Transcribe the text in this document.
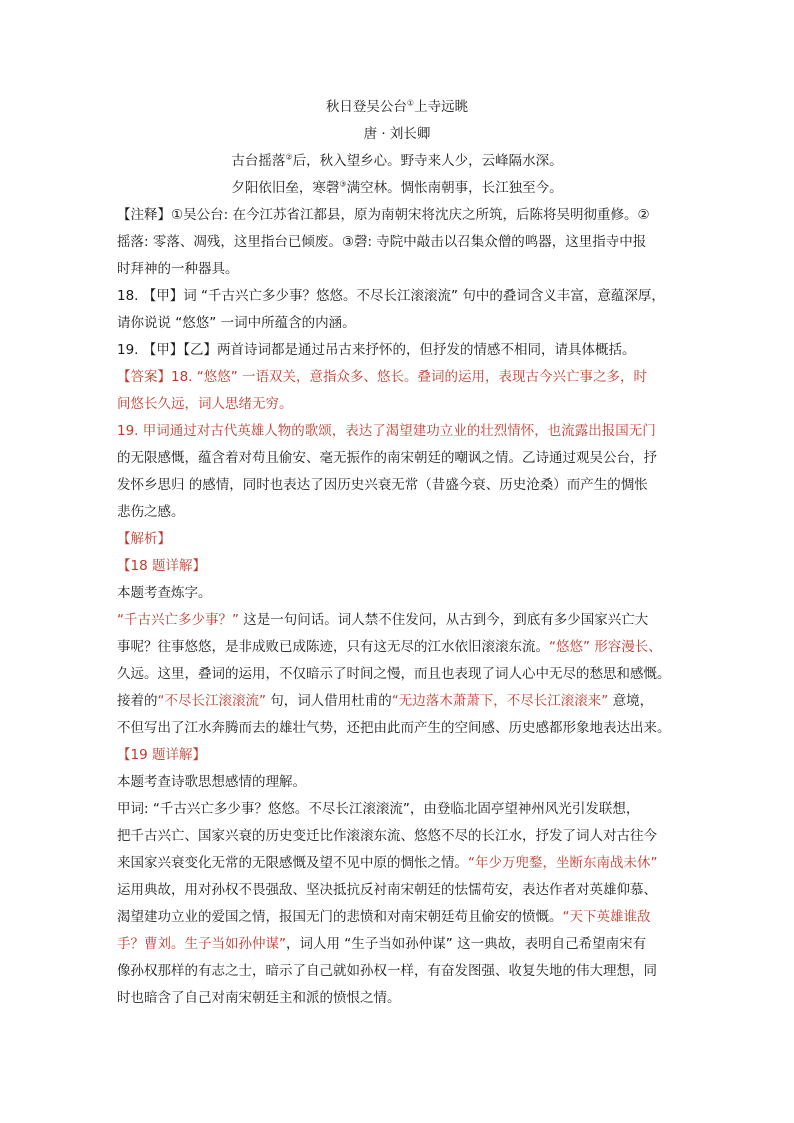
秋日登吴公台①上寺远眺
唐 · 刘长卿
古台摇落②后，秋入望乡心。野寺来人少，云峰隔水深。
夕阳依旧垒，寒磬③满空林。惆怅南朝事，长江独至今。
【注释】①吴公台: 在今江苏省江都县，原为南朝宋将沈庆之所筑，后陈将吴明彻重修。②
摇落: 零落、凋残，这里指台已倾废。③磬: 寺院中敲击以召集众僧的鸣器，这里指寺中报
时拜神的一种器具。
18. 【甲】词 “千古兴亡多少事？悠悠。不尽长江滚滚流” 句中的叠词含义丰富，意蕴深厚，
请你说说 “悠悠” 一词中所蕴含的内涵。
19. 【甲】【乙】两首诗词都是通过吊古来抒怀的，但抒发的情感不相同，请具体概括。
【答案】18. “悠悠” 一语双关，意指众多、悠长。叠词的运用，表现古今兴亡事之多，时
间悠长久远，词人思绪无穷。
19. 甲词通过对古代英雄人物的歌颂，表达了渴望建功立业的壮烈情怀，也流露出报国无门
的无限感慨，蕴含着对苟且偷安、毫无振作的南宋朝廷的嘲讽之情。乙诗通过观吴公台，抒
发怀乡思归 的感情，同时也表达了因历史兴衰无常（昔盛今衰、历史沧桑）而产生的惆怅
悲伤之感。
【解析】
【18 题详解】
本题考查炼字。
“千古兴亡多少事？” 这是一句问话。词人禁不住发问，从古到今，到底有多少国家兴亡大
事呢？往事悠悠，是非成败已成陈迹，只有这无尽的江水依旧滚滚东流。“悠悠” 形容漫长、
久远。这里，叠词的运用，不仅暗示了时间之慢，而且也表现了词人心中无尽的愁思和感慨。
接着的“不尽长江滚滚流” 句，词人借用杜甫的“无边落木萧萧下，不尽长江滚滚来” 意境，
不但写出了江水奔腾而去的雄壮气势，还把由此而产生的空间感、历史感都形象地表达出来。
【19 题详解】
本题考查诗歌思想感情的理解。
甲词: “千古兴亡多少事？悠悠。不尽长江滚滚流”，由登临北固亭望神州风光引发联想，
把千古兴亡、国家兴衰的历史变迁比作滚滚东流、悠悠不尽的长江水，抒发了词人对古往今
来国家兴衰变化无常的无限感慨及望不见中原的惆怅之情。“年少万兜鍪，坐断东南战未休”
运用典故，用对孙权不畏强敌、坚决抵抗反衬南宋朝廷的怯懦苟安，表达作者对英雄仰慕、
渴望建功立业的爱国之情，报国无门的悲愤和对南宋朝廷苟且偷安的愤慨。“天下英雄谁敌
手？曹刘。生子当如孙仲谋”，词人用 “生子当如孙仲谋” 这一典故，表明自己希望南宋有
像孙权那样的有志之士，暗示了自己就如孙权一样，有奋发图强、收复失地的伟大理想，同
时也暗含了自己对南宋朝廷主和派的愤恨之情。
